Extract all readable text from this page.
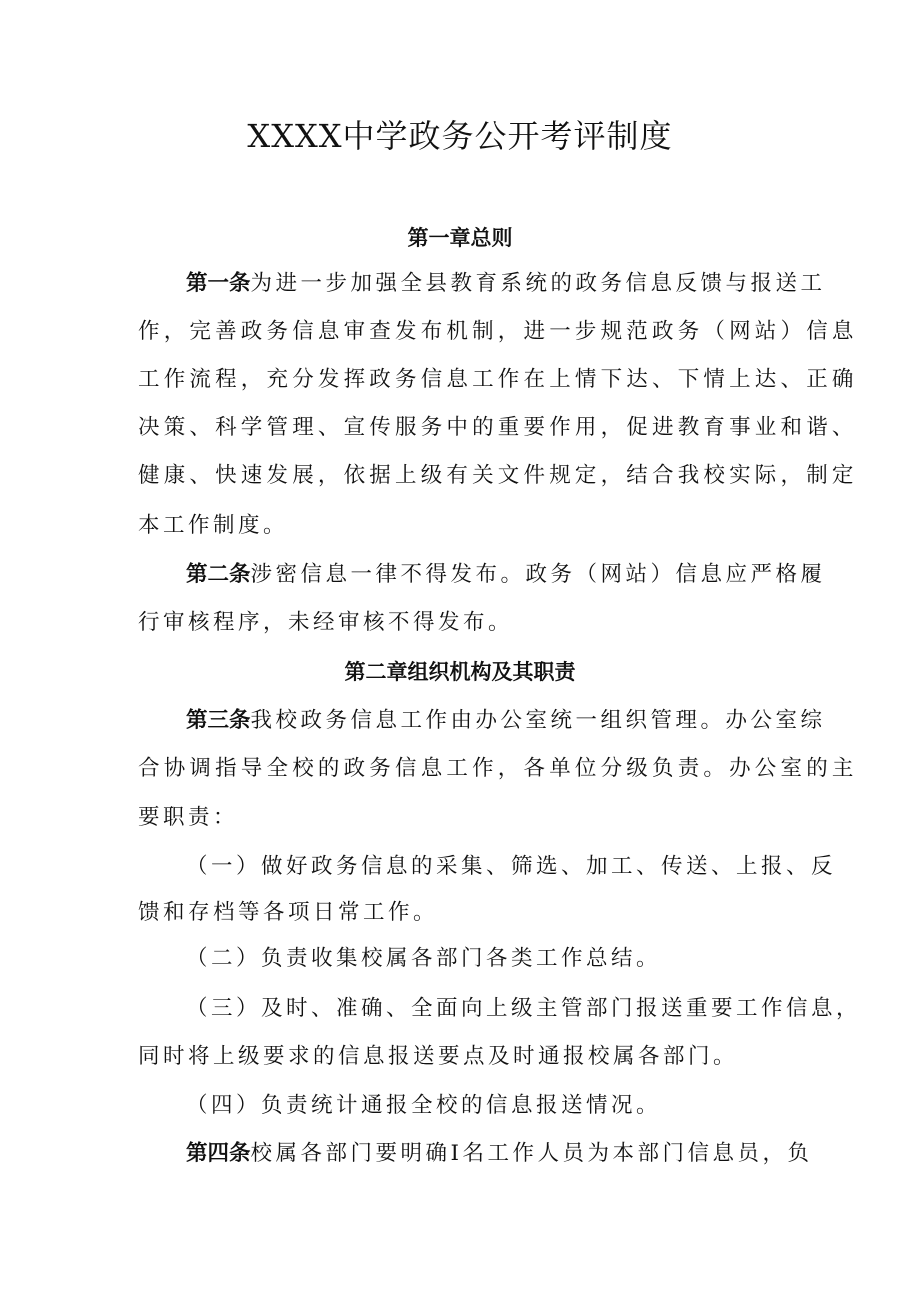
XXXX中学政务公开考评制度
第一章总则
第一条为进一步加强全县教育系统的政务信息反馈与报送工
作，完善政务信息审查发布机制，进一步规范政务（网站）信息
工作流程，充分发挥政务信息工作在上情下达、下情上达、正确
决策、科学管理、宣传服务中的重要作用，促进教育事业和谐、
健康、快速发展，依据上级有关文件规定，结合我校实际，制定
本工作制度。
第二条涉密信息一律不得发布。政务（网站）信息应严格履
行审核程序，未经审核不得发布。
第二章组织机构及其职责
第三条我校政务信息工作由办公室统一组织管理。办公室综
合协调指导全校的政务信息工作，各单位分级负责。办公室的主
要职责：
（一）做好政务信息的采集、筛选、加工、传送、上报、反
馈和存档等各项日常工作。
（二）负责收集校属各部门各类工作总结。
（三）及时、准确、全面向上级主管部门报送重要工作信息，
同时将上级要求的信息报送要点及时通报校属各部门。
（四）负责统计通报全校的信息报送情况。
第四条校属各部门要明确I名工作人员为本部门信息员，负
